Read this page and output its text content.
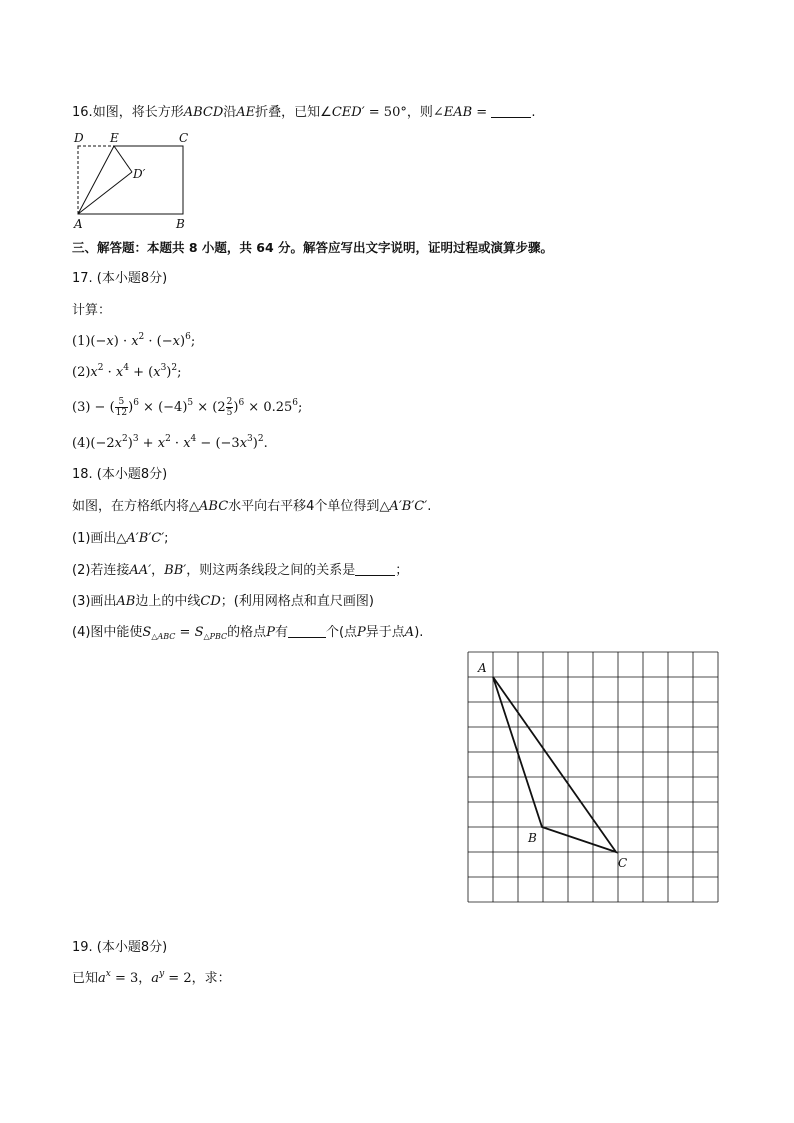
16.如图，将长方形ABCD沿AE折叠，已知∠CED′ = 50°，则∠EAB =	.
D E	C
D′
A	B
三、解答题：本题共 8 小题，共 64 分。解答应写出文字说明，证明过程或演算步骤。
17. (本小题8分)
计算：
$(1)(-x) \cdot x^2 \cdot (-x)^6$;
$(2)x^2 \cdot x^4 + (x^3)^2$;
(3) − ( $\frac{5}{12} )^6 \times (-4)^5 \times (2 \frac{2}{5} )^6 \times 0.25^6$;
$(4)(-2x^2)^3 + x^2 \cdot x^4 - (-3x^3)^2$.
18. (本小题8分)
如图，在方格纸内将△ABC水平向右平移4个单位得到△A′B′C′.
(1)画出△A′B′C′;
(2)若连接AA′，BB′，则这两条线段之间的关系是	；
(3)画出AB边上的中线CD；(利用网格点和直尺画图)
(4)图中能使$S_{\triangle ABC} = S_{\triangle PBC}$的格点P有	个(点P异于点A).
A
B
C
19. (本小题8分)
已知$a^x = 3$，$a^y = 2$，求：
